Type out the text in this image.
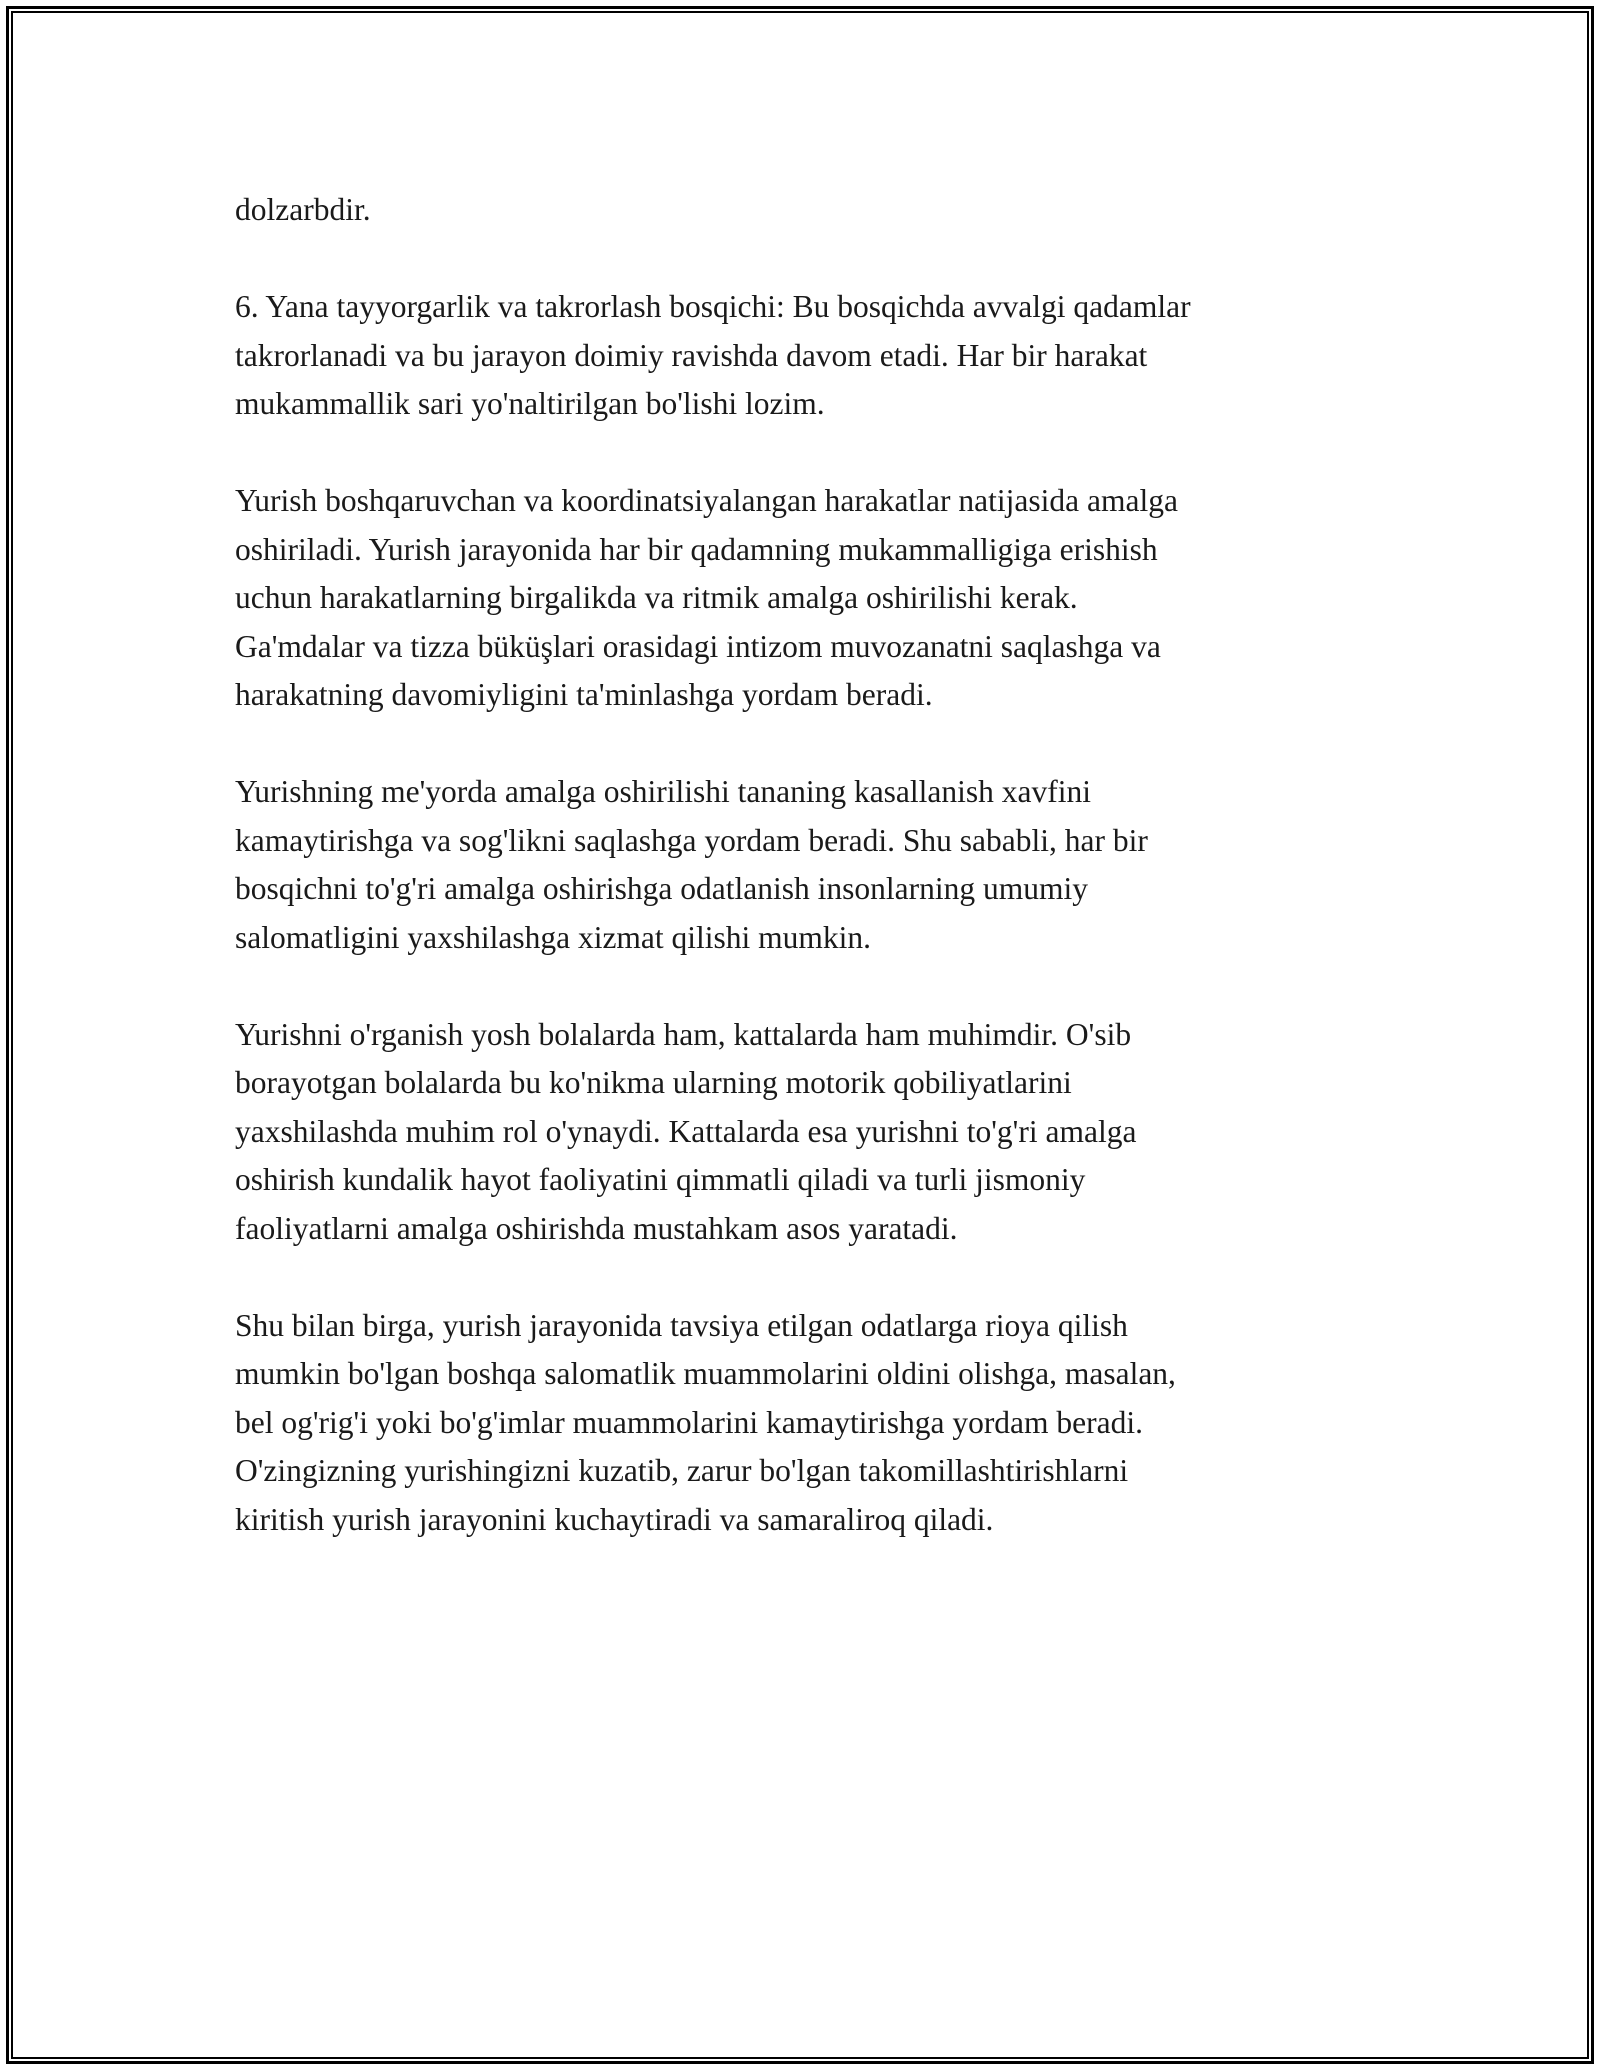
dolzarbdir.

6. Yana tayyorgarlik va takrorlash bosqichi: Bu bosqichda avvalgi qadamlar
takrorlanadi va bu jarayon doimiy ravishda davom etadi. Har bir harakat
mukammallik sari yo'naltirilgan bo'lishi lozim.

Yurish boshqaruvchan va koordinatsiyalangan harakatlar natijasida amalga
oshiriladi. Yurish jarayonida har bir qadamning mukammalligiga erishish
uchun harakatlarning birgalikda va ritmik amalga oshirilishi kerak.
Ga'mdalar va tizza büküşlari orasidagi intizom muvozanatni saqlashga va
harakatning davomiyligini ta'minlashga yordam beradi.

Yurishning me'yorda amalga oshirilishi tananing kasallanish xavfini
kamaytirishga va sog'likni saqlashga yordam beradi. Shu sababli, har bir
bosqichni to'g'ri amalga oshirishga odatlanish insonlarning umumiy
salomatligini yaxshilashga xizmat qilishi mumkin.

Yurishni o'rganish yosh bolalarda ham, kattalarda ham muhimdir. O'sib
borayotgan bolalarda bu ko'nikma ularning motorik qobiliyatlarini
yaxshilashda muhim rol o'ynaydi. Kattalarda esa yurishni to'g'ri amalga
oshirish kundalik hayot faoliyatini qimmatli qiladi va turli jismoniy
faoliyatlarni amalga oshirishda mustahkam asos yaratadi.

Shu bilan birga, yurish jarayonida tavsiya etilgan odatlarga rioya qilish
mumkin bo'lgan boshqa salomatlik muammolarini oldini olishga, masalan,
bel og'rig'i yoki bo'g'imlar muammolarini kamaytirishga yordam beradi.
O'zingizning yurishingizni kuzatib, zarur bo'lgan takomillashtirishlarni
kiritish yurish jarayonini kuchaytiradi va samaraliroq qiladi.
